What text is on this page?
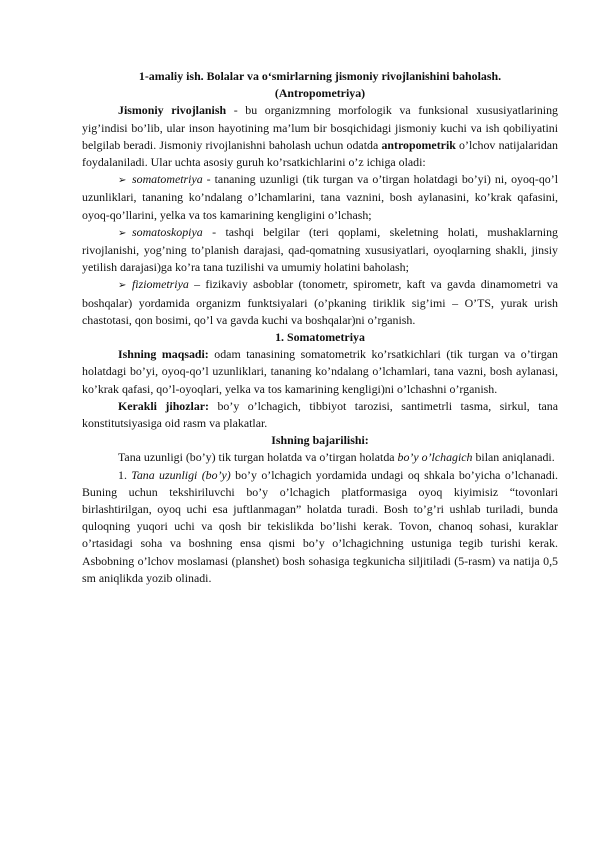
1-amaliy ish. Bolalar va o‘smirlarning jismoniy rivojlanishini baholash.
(Antropometriya)

Jismoniy rivojlanish - bu organizmning morfologik va funksional xususiyatlarining yig’indisi bo’lib, ular inson hayotining ma’lum bir bosqichidagi jismoniy kuchi va ish qobiliyatini belgilab beradi. Jismoniy rivojlanishni baholash uchun odatda antropometrik o’lchov natijalaridan foydalaniladi. Ular uchta asosiy guruh ko’rsatkichlarini o’z ichiga oladi:

➢ somatometriya - tananing uzunligi (tik turgan va o’tirgan holatdagi bo’yi) ni, oyoq-qo’l uzunliklari, tananing ko’ndalang o’lchamlarini, tana vaznini, bosh aylanasini, ko’krak qafasini, oyoq-qo’llarini, yelka va tos kamarining kengligini o’lchash;

➢ somatoskopiya - tashqi belgilar (teri qoplami, skeletning holati, mushaklarning rivojlanishi, yog’ning to’planish darajasi, qad-qomatning xususiyatlari, oyoqlarning shakli, jinsiy yetilish darajasi)ga ko’ra tana tuzilishi va umumiy holatini baholash;

➢ fiziometriya – fizikaviy asboblar (tonometr, spirometr, kaft va gavda dinamometri va boshqalar) yordamida organizm funktsiyalari (o’pkaning tiriklik sig’imi – O’TS, yurak urish chastotasi, qon bosimi, qo’l va gavda kuchi va boshqalar)ni o’rganish.

1. Somatometriya

Ishning maqsadi: odam tanasining somatometrik ko’rsatkichlari (tik turgan va o’tirgan holatdagi bo’yi, oyoq-qo’l uzunliklari, tananing ko’ndalang o’lchamlari, tana vazni, bosh aylanasi, ko’krak qafasi, qo’l-oyoqlari, yelka va tos kamarining kengligi)ni o’lchashni o’rganish.

Kerakli jihozlar: bo’y o’lchagich, tibbiyot tarozisi, santimetrli tasma, sirkul, tana konstitutsiyasiga oid rasm va plakatlar.

Ishning bajarilishi:

Tana uzunligi (bo’y) tik turgan holatda va o’tirgan holatda bo’y o’lchagich bilan aniqlanadi.

1. Tana uzunligi (bo’y) bo’y o’lchagich yordamida undagi oq shkala bo’yicha o’lchanadi. Buning uchun tekshiriluvchi bo’y o’lchagich platformasiga oyoq kiyimisiz “tovonlari birlashtirilgan, oyoq uchi esa juftlanmagan” holatda turadi. Bosh to’g’ri ushlab turiladi, bunda quloqning yuqori uchi va qosh bir tekislikda bo’lishi kerak. Tovon, chanoq sohasi, kuraklar o’rtasidagi soha va boshning ensa qismi bo’y o’lchagichning ustuniga tegib turishi kerak. Asbobning o’lchov moslamasi (planshet) bosh sohasiga tegkunicha siljitiladi (5-rasm) va natija 0,5 sm aniqlikda yozib olinadi.
